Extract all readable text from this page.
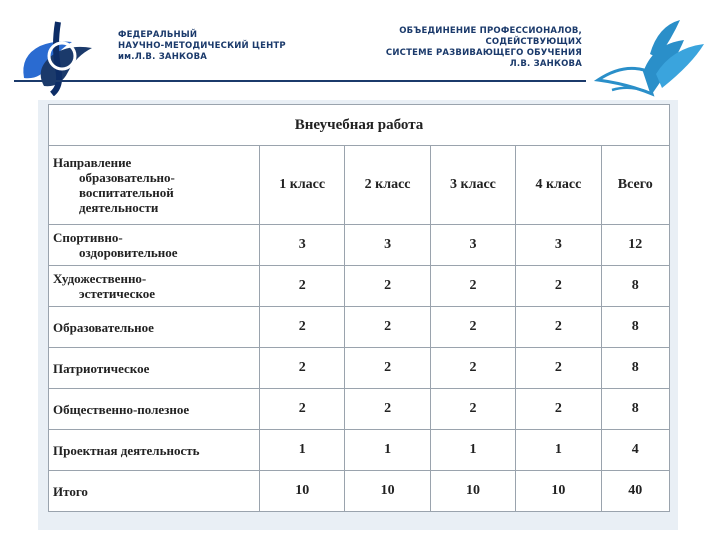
ФЕДЕРАЛЬНЫЙ
НАУЧНО-МЕТОДИЧЕСКИЙ ЦЕНТР
им.Л.В. ЗАНКОВА
ОБЪЕДИНЕНИЕ ПРОФЕССИОНАЛОВ,
СОДЕЙСТВУЮЩИХ
СИСТЕМЕ РАЗВИВАЮЩЕГО ОБУЧЕНИЯ
Л.В. ЗАНКОВА
Внеучебная работа					
Направление
образовательно-
воспитательной
деятельности	1 класс	2 класс	3 класс	4 класс	Всего
Спортивно-
оздоровительное	3	3	3	3	12
Художественно-
эстетическое	2	2	2	2	8
Образовательное	2	2	2	2	8
Патриотическое	2	2	2	2	8
Общественно-полезное	2	2	2	2	8
Проектная деятельность	1	1	1	1	4
Итого	10	10	10	10	40
